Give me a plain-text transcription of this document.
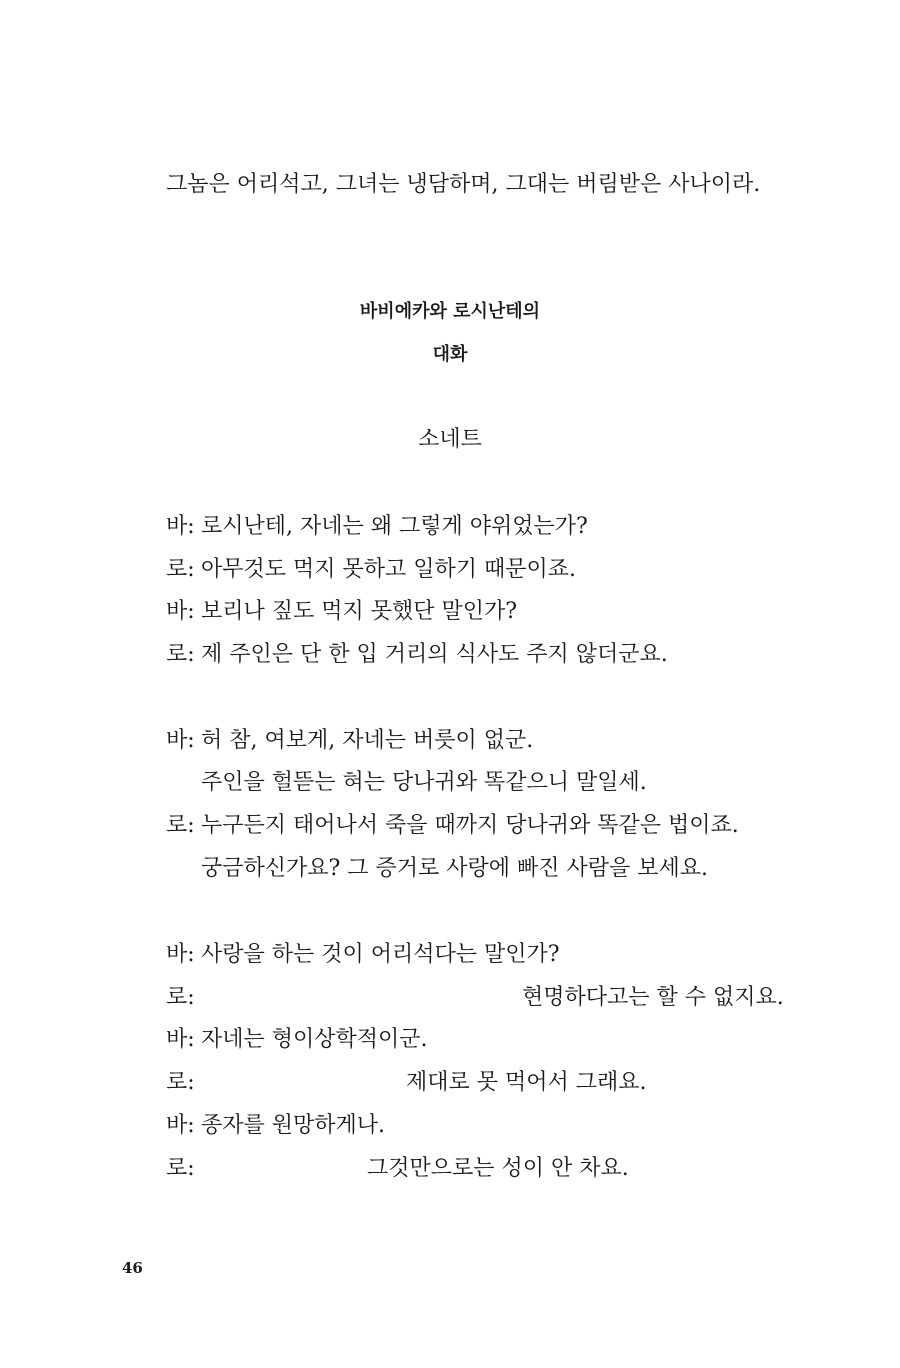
그놈은 어리석고, 그녀는 냉담하며, 그대는 버림받은 사나이라.
바비에카와 로시난테의
대화
소네트
바: 로시난테, 자네는 왜 그렇게 야위었는가?
로: 아무것도 먹지 못하고 일하기 때문이죠.
바: 보리나 짚도 먹지 못했단 말인가?
로: 제 주인은 단 한 입 거리의 식사도 주지 않더군요.
바: 허 참, 여보게, 자네는 버릇이 없군.
주인을 헐뜯는 혀는 당나귀와 똑같으니 말일세.
로: 누구든지 태어나서 죽을 때까지 당나귀와 똑같은 법이죠.
궁금하신가요? 그 증거로 사랑에 빠진 사람을 보세요.
바: 사랑을 하는 것이 어리석다는 말인가?
로:	현명하다고는 할 수 없지요.
바: 자네는 형이상학적이군.
로:	제대로 못 먹어서 그래요.
바: 종자를 원망하게나.
로:	그것만으로는 성이 안 차요.
46
